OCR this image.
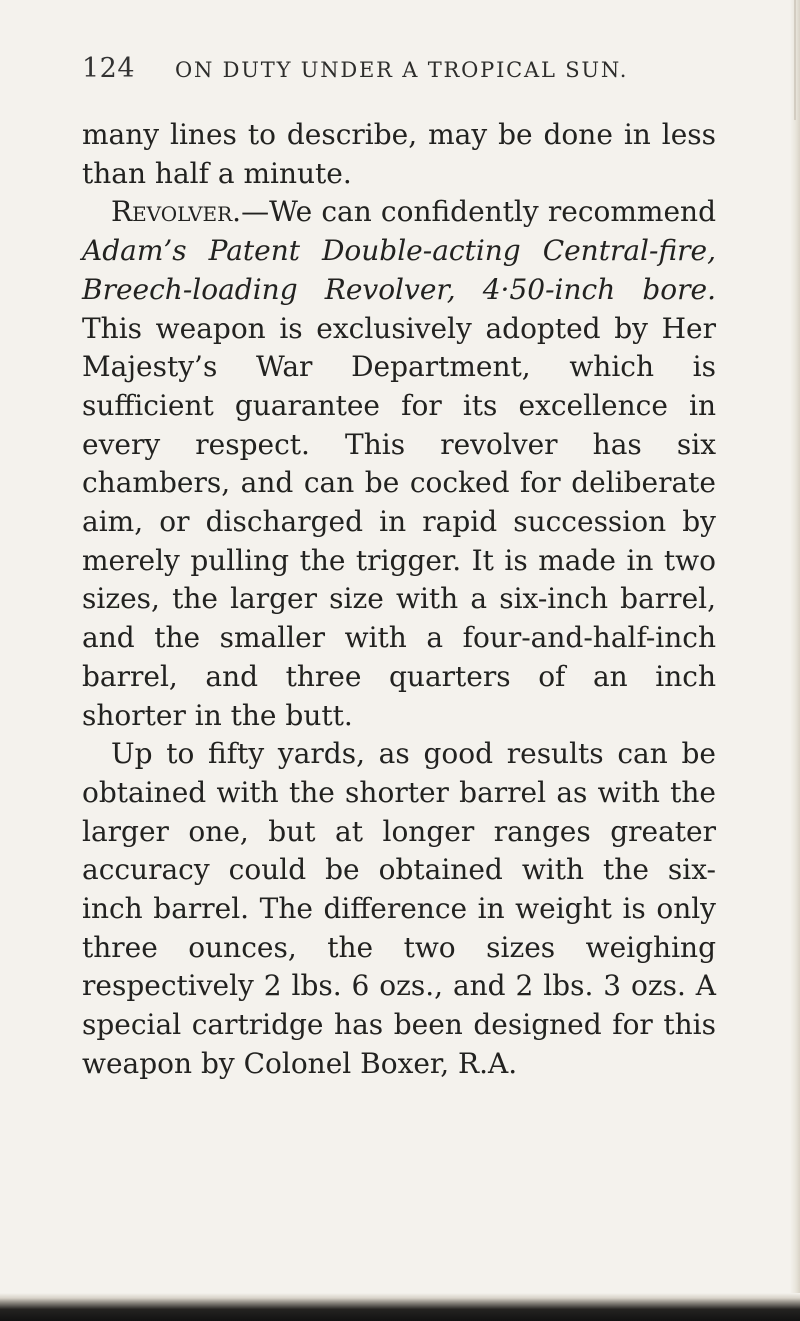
124 ON DUTY UNDER A TROPICAL SUN.

many lines to describe, may be done in less than half a minute.

Revolver.—We can confidently recommend Adam’s Patent Double-acting Central-fire, Breech-loading Revolver, 4·50-inch bore. This weapon is exclusively adopted by Her Majesty’s War Department, which is sufficient guarantee for its excellence in every respect. This revolver has six chambers, and can be cocked for deliberate aim, or discharged in rapid succession by merely pulling the trigger. It is made in two sizes, the larger size with a six-inch barrel, and the smaller with a four-and-half-inch barrel, and three quarters of an inch shorter in the butt.

Up to fifty yards, as good results can be obtained with the shorter barrel as with the larger one, but at longer ranges greater accuracy could be obtained with the six-inch barrel. The difference in weight is only three ounces, the two sizes weighing respectively 2 lbs. 6 ozs., and 2 lbs. 3 ozs. A special cartridge has been designed for this weapon by Colonel Boxer, R.A.
